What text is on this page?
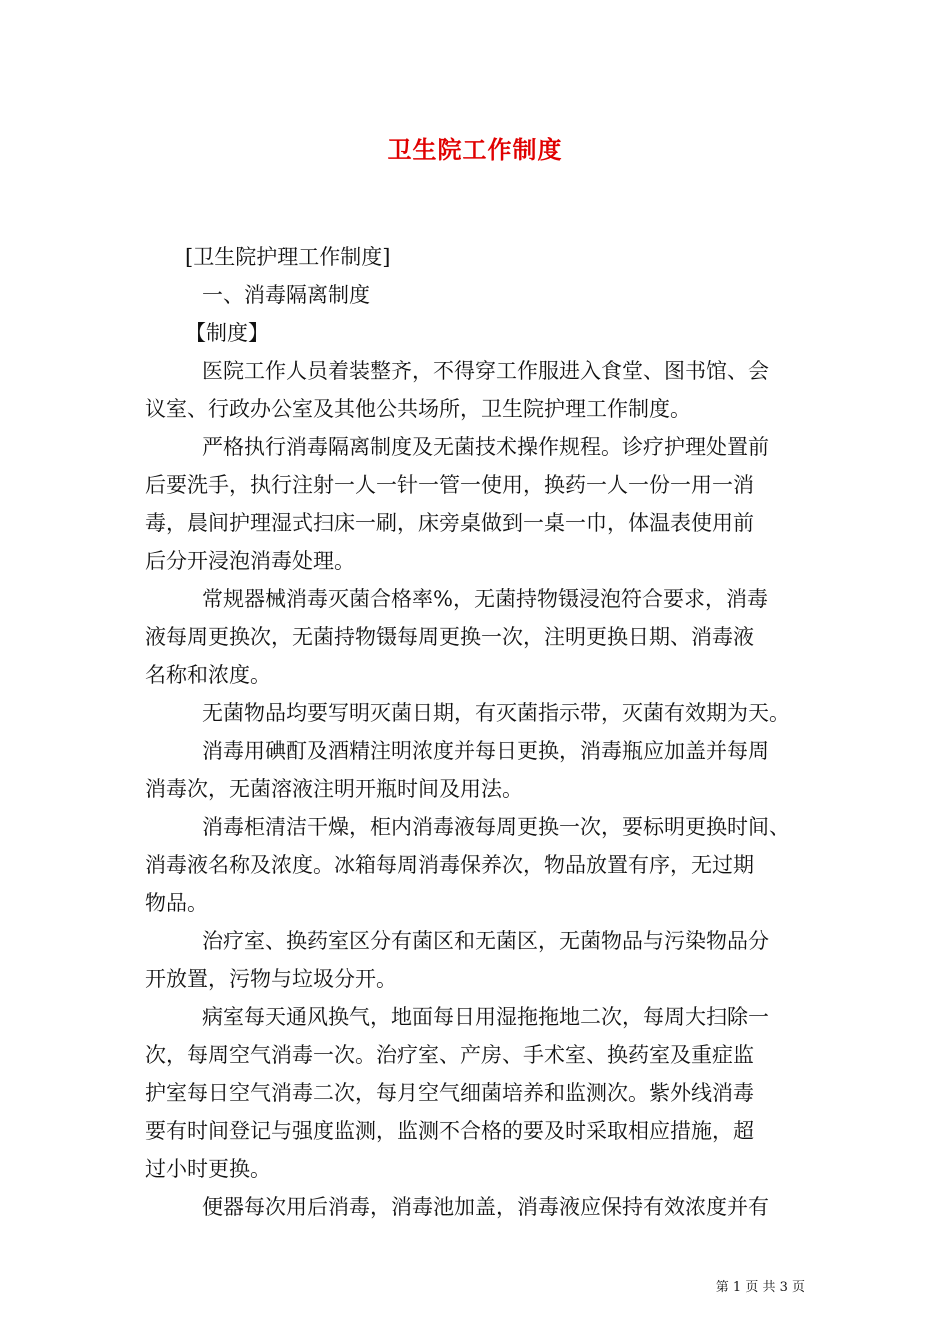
卫生院工作制度
[卫生院护理工作制度]
一、消毒隔离制度
【制度】
医院工作人员着装整齐，不得穿工作服进入食堂、图书馆、会
议室、行政办公室及其他公共场所，卫生院护理工作制度。
严格执行消毒隔离制度及无菌技术操作规程。诊疗护理处置前
后要洗手，执行注射一人一针一管一使用，换药一人一份一用一消
毒，晨间护理湿式扫床一刷，床旁桌做到一桌一巾，体温表使用前
后分开浸泡消毒处理。
常规器械消毒灭菌合格率%，无菌持物镊浸泡符合要求，消毒
液每周更换次，无菌持物镊每周更换一次，注明更换日期、消毒液
名称和浓度。
无菌物品均要写明灭菌日期，有灭菌指示带，灭菌有效期为天。
消毒用碘酊及酒精注明浓度并每日更换，消毒瓶应加盖并每周
消毒次，无菌溶液注明开瓶时间及用法。
消毒柜清洁干燥，柜内消毒液每周更换一次，要标明更换时间、
消毒液名称及浓度。冰箱每周消毒保养次，物品放置有序，无过期
物品。
治疗室、换药室区分有菌区和无菌区，无菌物品与污染物品分
开放置，污物与垃圾分开。
病室每天通风换气，地面每日用湿拖拖地二次，每周大扫除一
次，每周空气消毒一次。治疗室、产房、手术室、换药室及重症监
护室每日空气消毒二次，每月空气细菌培养和监测次。紫外线消毒
要有时间登记与强度监测，监测不合格的要及时采取相应措施，超
过小时更换。
便器每次用后消毒，消毒池加盖，消毒液应保持有效浓度并有
第 1 页 共 3 页
